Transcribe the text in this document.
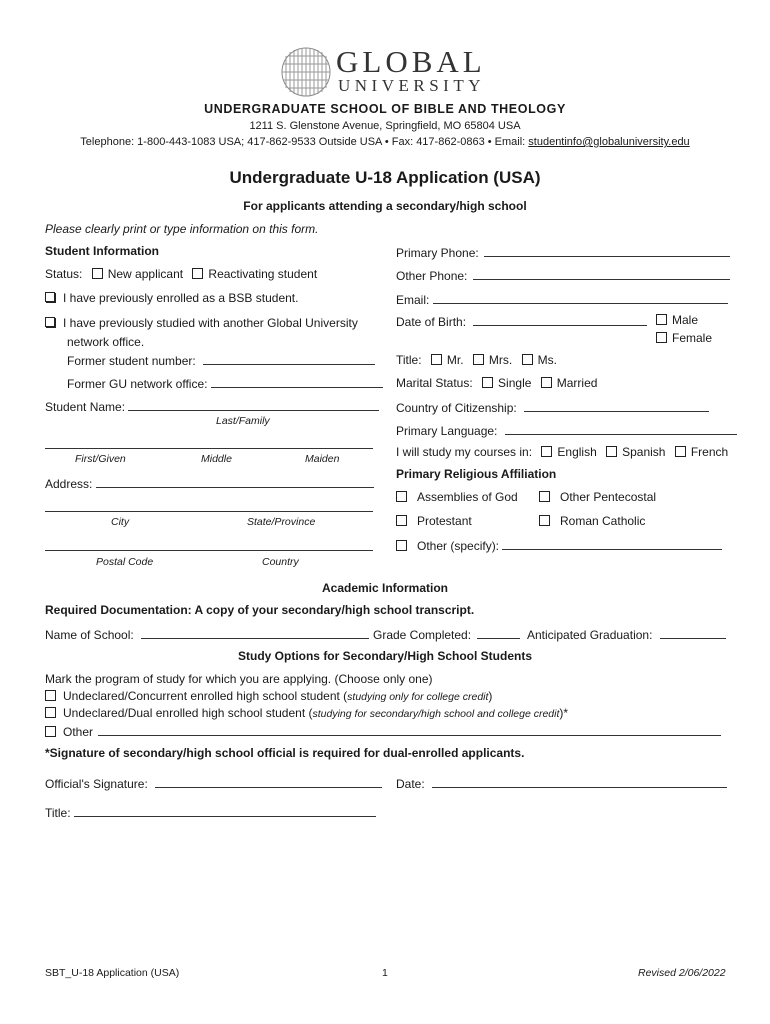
GLOBAL
UNIVERSITY
UNDERGRADUATE SCHOOL OF BIBLE AND THEOLOGY
1211 S. Glenstone Avenue, Springfield, MO 65804 USA
Telephone: 1-800-443-1083 USA; 417-862-9533 Outside USA • Fax: 417-862-0863 • Email: studentinfo@globaluniversity.edu
Undergraduate U-18 Application (USA)
For applicants attending a secondary/high school
Please clearly print or type information on this form.
Student Information
Status: New applicant Reactivating student
I have previously enrolled as a BSB student.
I have previously studied with another Global University
network office.
Former student number:
Former GU network office:
Student Name:
Last/Family
First/Given	Middle	Maiden
Address:
City	State/Province
Postal Code	Country
Primary Phone:
Other Phone:
Email:
Date of Birth:	Male
Female
Title: Mr. Mrs. Ms.
Marital Status: Single Married
Country of Citizenship:
Primary Language:
I will study my courses in: English Spanish French
Primary Religious Affiliation
Assemblies of God	Other Pentecostal
Protestant	Roman Catholic
Other (specify):
Academic Information
Required Documentation: A copy of your secondary/high school transcript.
Name of School:	Grade Completed:	Anticipated Graduation:
Study Options for Secondary/High School Students
Mark the program of study for which you are applying. (Choose only one)
Undeclared/Concurrent enrolled high school student (studying only for college credit)
Undeclared/Dual enrolled high school student (studying for secondary/high school and college credit)*
Other
*Signature of secondary/high school official is required for dual-enrolled applicants.
Official's Signature:	Date:
Title:
SBT_U-18 Application (USA)	1	Revised 2/06/2022
